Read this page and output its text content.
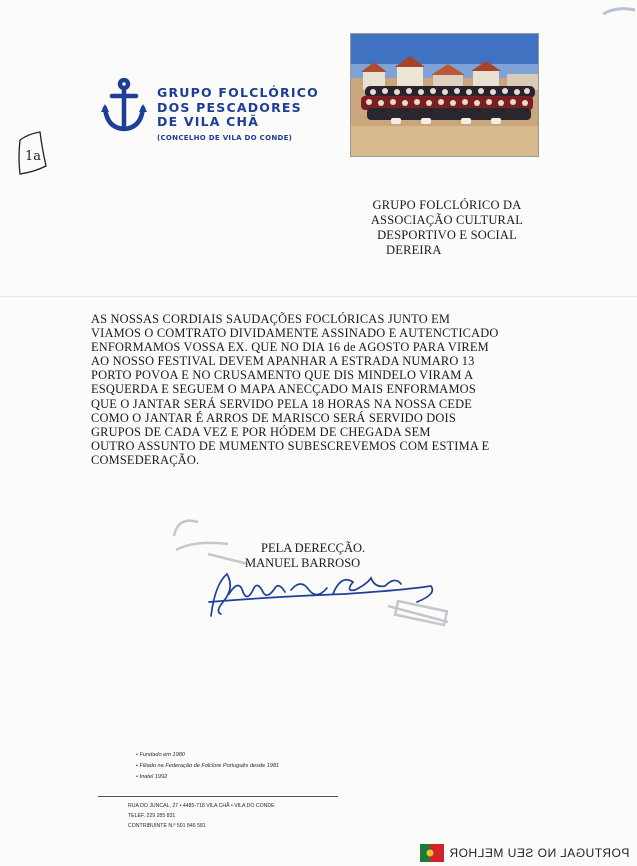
GRUPO FOLCLÓRICO
DOS PESCADORES
DE VILA CHÃ
(CONCELHO DE VILA DO CONDE)
1a
GRUPO FOLCLÓRICO DA
ASSOCIAÇÃO CULTURAL
DESPORTIVO E SOCIAL
DEREIRA
AS NOSSAS CORDIAIS SAUDAÇÕES FOCLÓRICAS JUNTO EM
VIAMOS O COMTRATO DIVIDAMENTE ASSINADO E AUTENCTICADO
ENFORMAMOS VOSSA EX. QUE NO DIA 16 de AGOSTO PARA VIREM
AO NOSSO FESTIVAL DEVEM APANHAR A ESTRADA NUMARO 13
PORTO POVOA E NO CRUSAMENTO QUE DIS MINDELO VIRAM A
ESQUERDA E SEGUEM O MAPA ANECÇADO MAIS ENFORMAMOS
QUE O JANTAR SERÁ SERVIDO PELA 18 HORAS NA NOSSA CEDE
COMO O JANTAR É ARROS DE MARISCO SERÁ SERVIDO DOIS
GRUPOS DE CADA VEZ E POR HÓDEM DE CHEGADA SEM
OUTRO ASSUNTO DE MUMENTO SUBESCREVEMOS COM ESTIMA E
COMSEDERAÇÃO.
PELA DERECÇÃO.
MANUEL BARROSO
• Fundado em 1980
• Filiado na Federação de Folclore Português desde 1981
• Inatel 1992
RUA DO JUNCAL, 27 • 4485-718 VILA CHÃ • VILA DO CONDE
TELEF. 229 285 831
CONTRIBUINTE N.º 501 846 581
PORTUGAL NO SEU MELHOR
